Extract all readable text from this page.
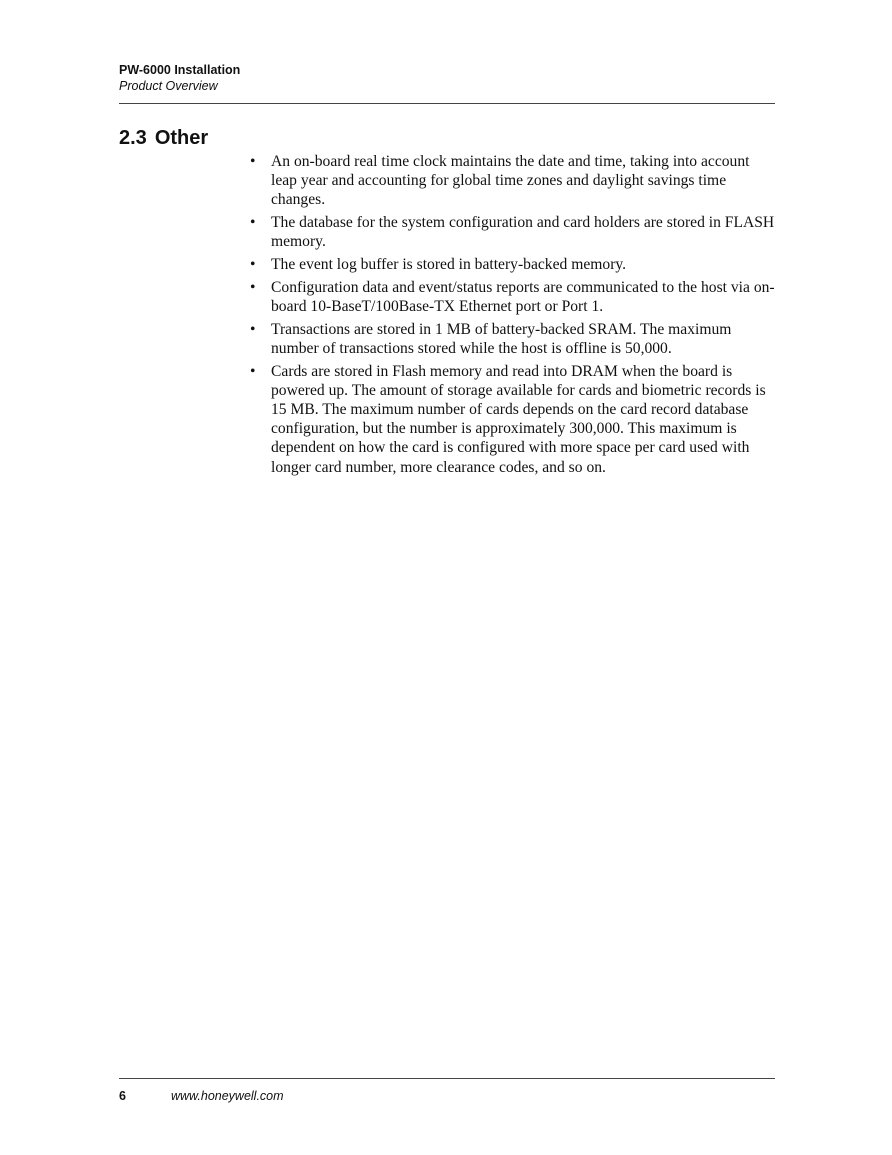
PW-6000 Installation
Product Overview
2.3 Other
• An on-board real time clock maintains the date and time, taking into account leap year and accounting for global time zones and daylight savings time changes.
• The database for the system configuration and card holders are stored in FLASH memory.
• The event log buffer is stored in battery-backed memory.
• Configuration data and event/status reports are communicated to the host via on-board 10-BaseT/100Base-TX Ethernet port or Port 1.
• Transactions are stored in 1 MB of battery-backed SRAM. The maximum number of transactions stored while the host is offline is 50,000.
• Cards are stored in Flash memory and read into DRAM when the board is powered up. The amount of storage available for cards and biometric records is 15 MB. The maximum number of cards depends on the card record database configuration, but the number is approximately 300,000. This maximum is dependent on how the card is configured with more space per card used with longer card number, more clearance codes, and so on.
6	www.honeywell.com
